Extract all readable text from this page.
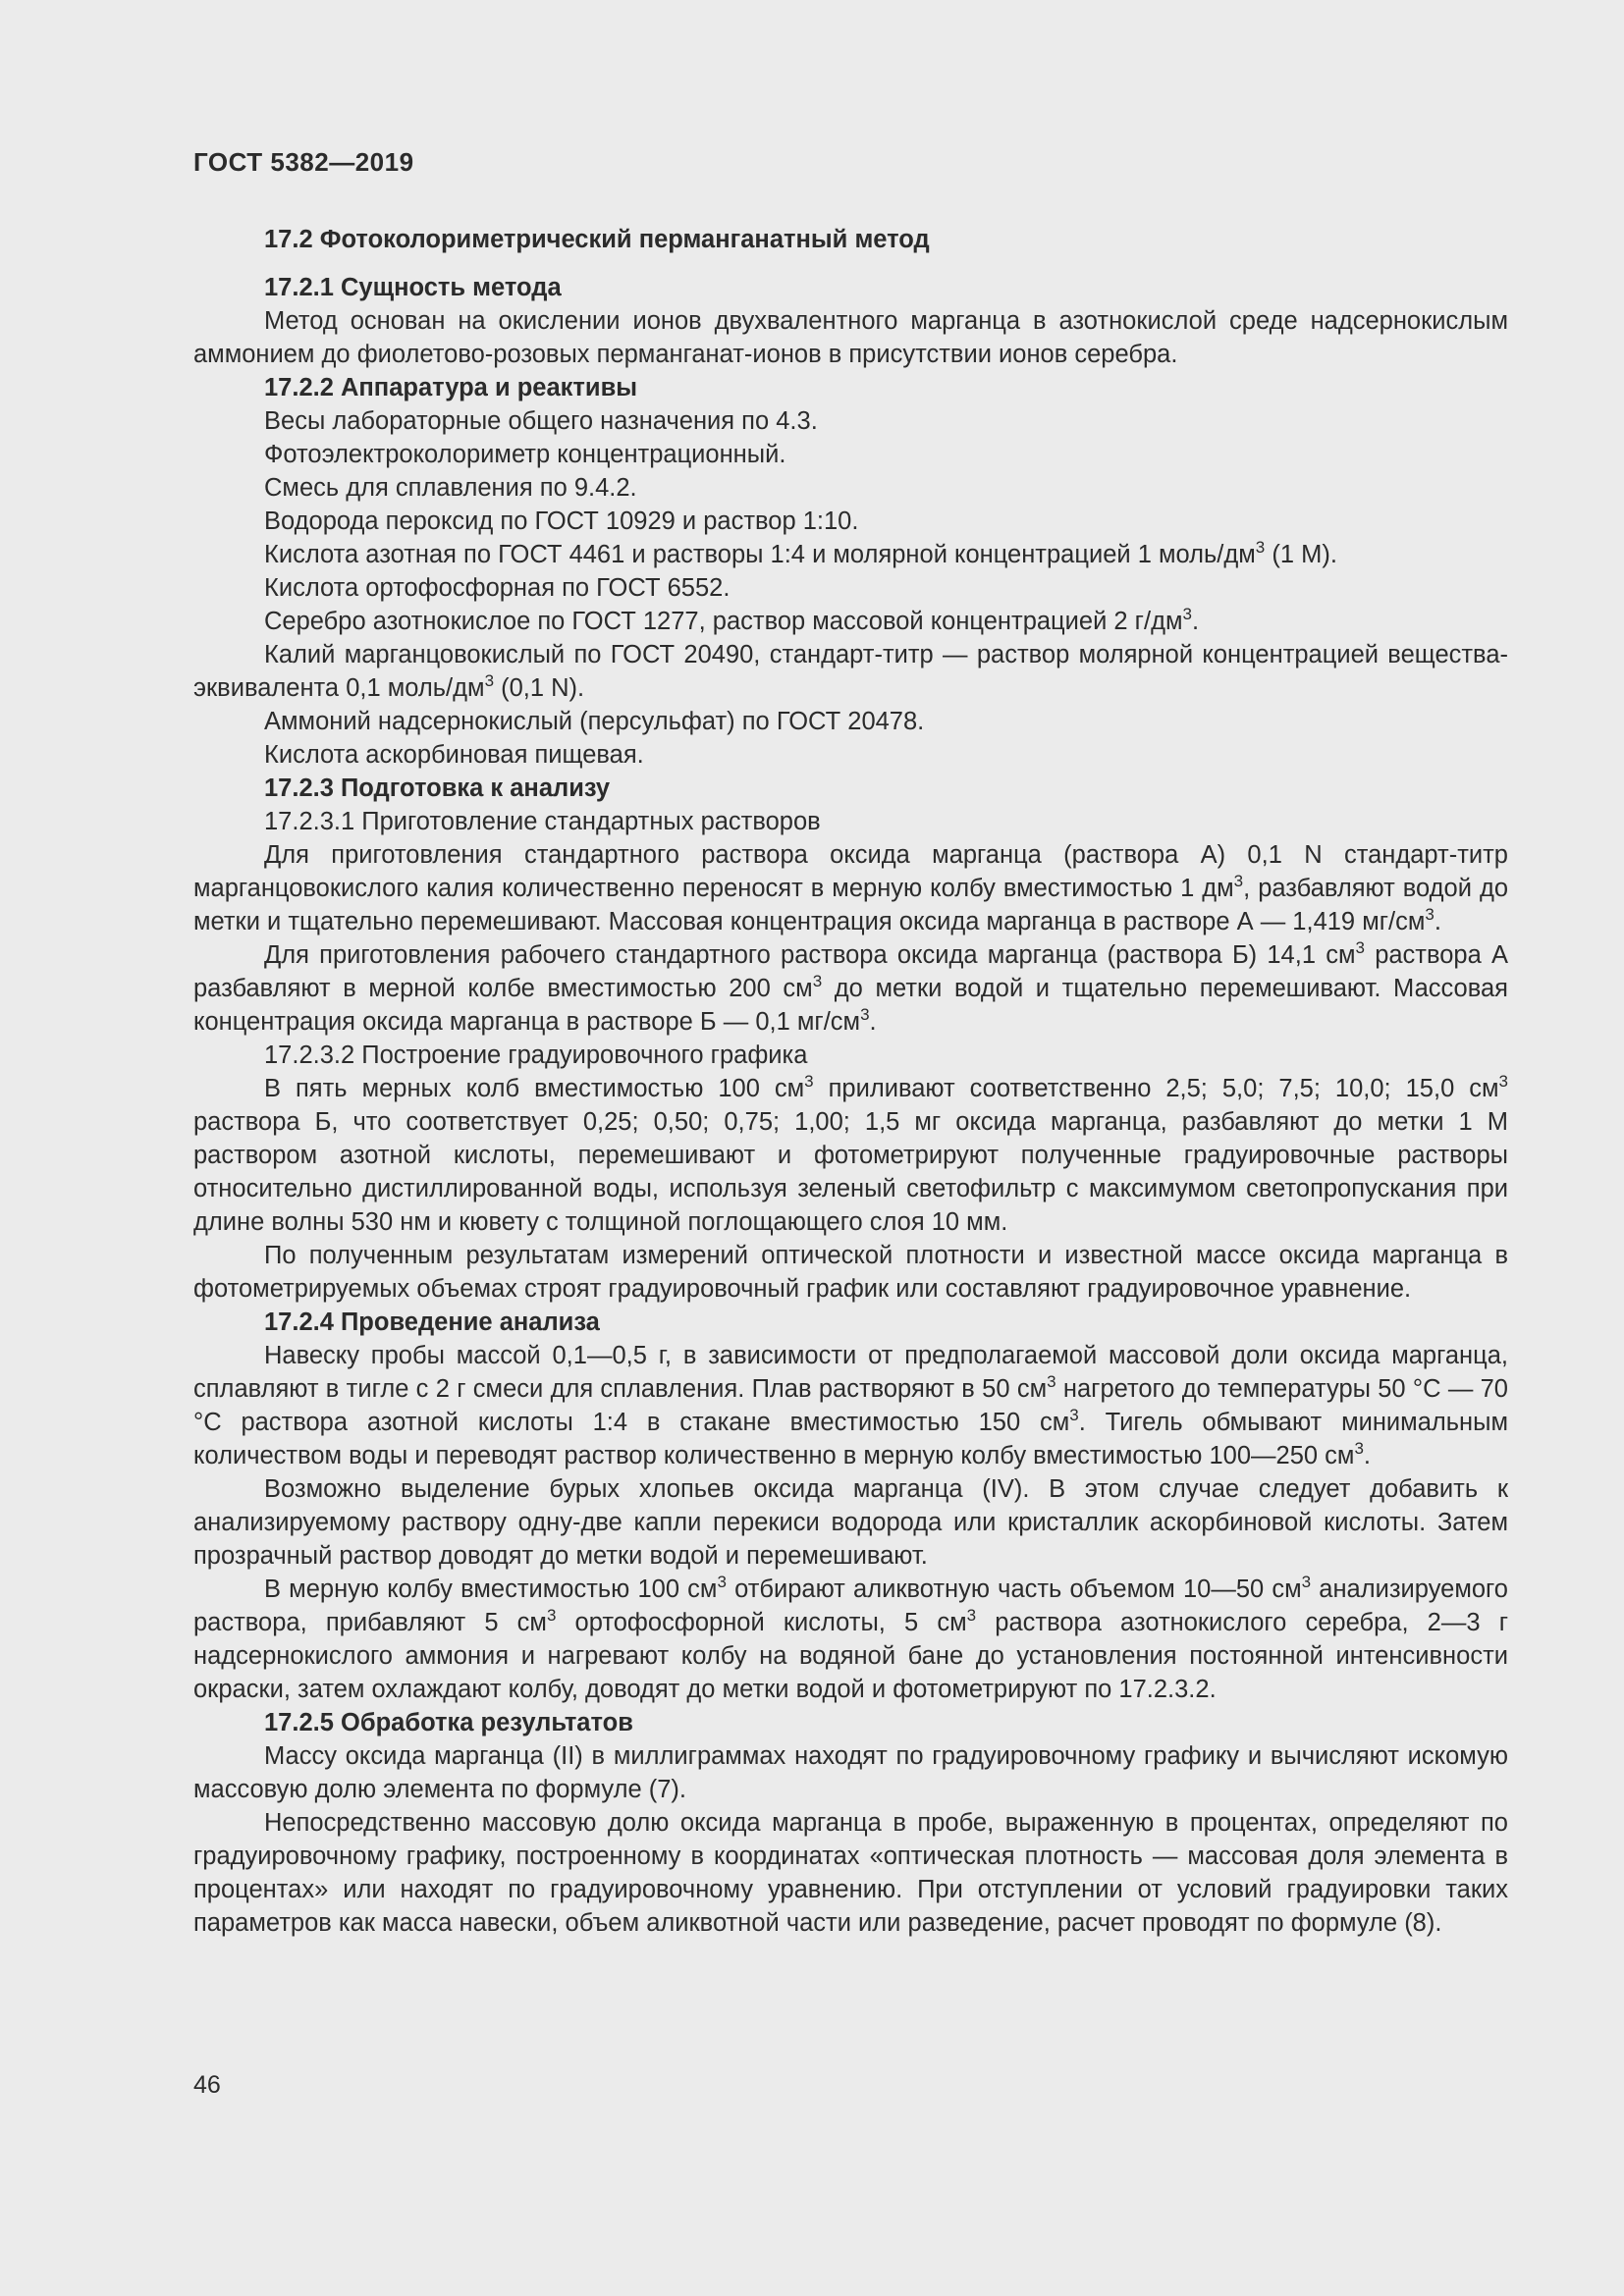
ГОСТ 5382—2019

17.2 Фотоколориметрический перманганатный метод

17.2.1 Сущность метода

Метод основан на окислении ионов двухвалентного марганца в азотнокислой среде надсернокислым аммонием до фиолетово-розовых перманганат-ионов в присутствии ионов серебра.

17.2.2 Аппаратура и реактивы

Весы лабораторные общего назначения по 4.3.

Фотоэлектроколориметр концентрационный.

Смесь для сплавления по 9.4.2.

Водорода пероксид по ГОСТ 10929 и раствор 1:10.

Кислота азотная по ГОСТ 4461 и растворы 1:4 и молярной концентрацией 1 моль/$дм^3$ (1 М).

Кислота ортофосфорная по ГОСТ 6552.

Серебро азотнокислое по ГОСТ 1277, раствор массовой концентрацией 2 $г/дм^3$.

Калий марганцовокислый по ГОСТ 20490, стандарт-титр — раствор молярной концентрацией вещества-эквивалента 0,1 моль/$дм^3$ (0,1 N).

Аммоний надсернокислый (персульфат) по ГОСТ 20478.

Кислота аскорбиновая пищевая.

17.2.3 Подготовка к анализу

17.2.3.1 Приготовление стандартных растворов

Для приготовления стандартного раствора оксида марганца (раствора А) 0,1 N стандарт-титр марганцовокислого калия количественно переносят в мерную колбу вместимостью 1 $дм^3$, разбавляют водой до метки и тщательно перемешивают. Массовая концентрация оксида марганца в растворе А — 1,419 $мг/см^3$.

Для приготовления рабочего стандартного раствора оксида марганца (раствора Б) 14,1 $см^3$ раствора А разбавляют в мерной колбе вместимостью 200 $см^3$ до метки водой и тщательно перемешивают. Массовая концентрация оксида марганца в растворе Б — 0,1 $мг/см^3$.

17.2.3.2 Построение градуировочного графика

В пять мерных колб вместимостью 100 $см^3$ приливают соответственно 2,5; 5,0; 7,5; 10,0; 15,0 $см^3$ раствора Б, что соответствует 0,25; 0,50; 0,75; 1,00; 1,5 мг оксида марганца, разбавляют до метки 1 М раствором азотной кислоты, перемешивают и фотометрируют полученные градуировочные растворы относительно дистиллированной воды, используя зеленый светофильтр с максимумом светопропускания при длине волны 530 нм и кювету с толщиной поглощающего слоя 10 мм.

По полученным результатам измерений оптической плотности и известной массе оксида марганца в фотометрируемых объемах строят градуировочный график или составляют градуировочное уравнение.

17.2.4 Проведение анализа

Навеску пробы массой 0,1—0,5 г, в зависимости от предполагаемой массовой доли оксида марганца, сплавляют в тигле с 2 г смеси для сплавления. Плав растворяют в 50 $см^3$ нагретого до температуры 50 °С — 70 °С раствора азотной кислоты 1:4 в стакане вместимостью 150 $см^3$. Тигель обмывают минимальным количеством воды и переводят раствор количественно в мерную колбу вместимостью 100—250 $см^3$.

Возможно выделение бурых хлопьев оксида марганца (IV). В этом случае следует добавить к анализируемому раствору одну-две капли перекиси водорода или кристаллик аскорбиновой кислоты. Затем прозрачный раствор доводят до метки водой и перемешивают.

В мерную колбу вместимостью 100 $см^3$ отбирают аликвотную часть объемом 10—50 $см^3$ анализируемого раствора, прибавляют 5 $см^3$ ортофосфорной кислоты, 5 $см^3$ раствора азотнокислого серебра, 2—3 г надсернокислого аммония и нагревают колбу на водяной бане до установления постоянной интенсивности окраски, затем охлаждают колбу, доводят до метки водой и фотометрируют по 17.2.3.2.

17.2.5 Обработка результатов

Массу оксида марганца (II) в миллиграммах находят по градуировочному графику и вычисляют искомую массовую долю элемента по формуле (7).

Непосредственно массовую долю оксида марганца в пробе, выраженную в процентах, определяют по градуировочному графику, построенному в координатах «оптическая плотность — массовая доля элемента в процентах» или находят по градуировочному уравнению. При отступлении от условий градуировки таких параметров как масса навески, объем аликвотной части или разведение, расчет проводят по формуле (8).

46
